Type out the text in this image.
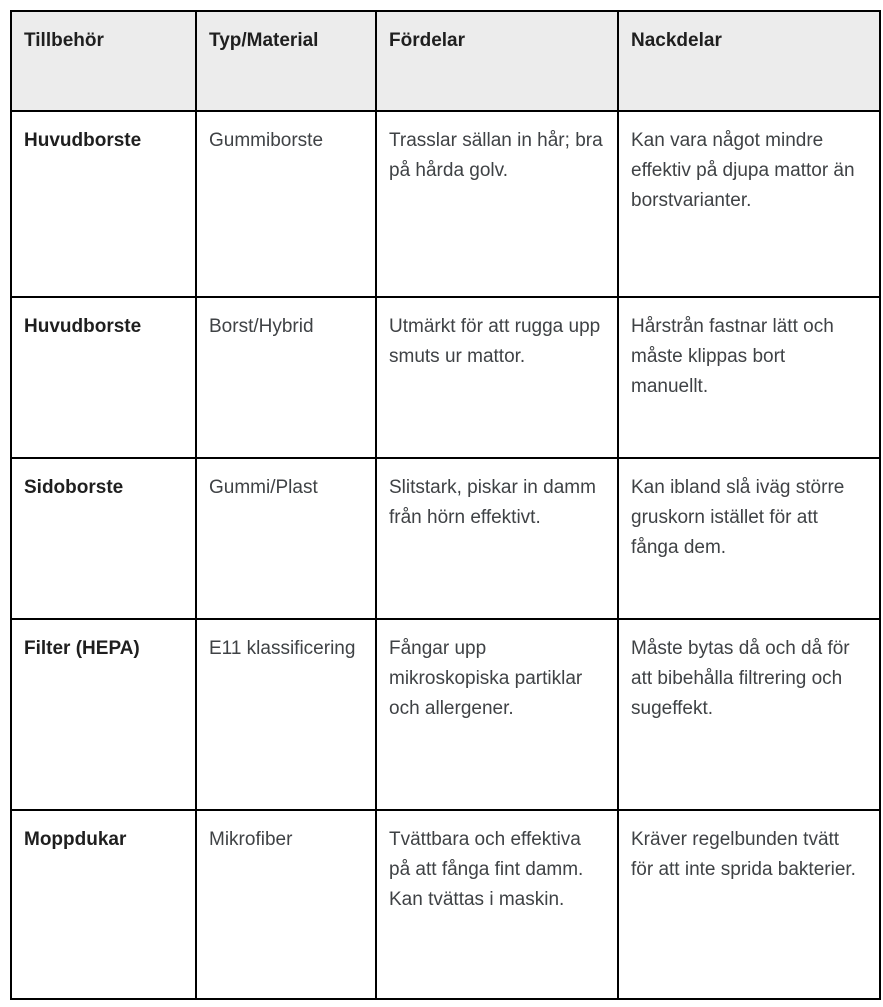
Tillbehör	Typ/Material	Fördelar	Nackdelar
Huvudborste	Gummiborste	Trasslar sällan in hår; bra på hårda golv.	Kan vara något mindre effektiv på djupa mattor än borstvarianter.
Huvudborste	Borst/Hybrid	Utmärkt för att rugga upp smuts ur mattor.	Hårstrån fastnar lätt och måste klippas bort manuellt.
Sidoborste	Gummi/Plast	Slitstark, piskar in damm från hörn effektivt.	Kan ibland slå iväg större gruskorn istället för att fånga dem.
Filter (HEPA)	E11 klassificering	Fångar upp mikroskopiska partiklar och allergener.	Måste bytas då och då för att bibehålla filtrering och sugeffekt.
Moppdukar	Mikrofiber	Tvättbara och effektiva på att fånga fint damm. Kan tvättas i maskin.	Kräver regelbunden tvätt för att inte sprida bakterier.
